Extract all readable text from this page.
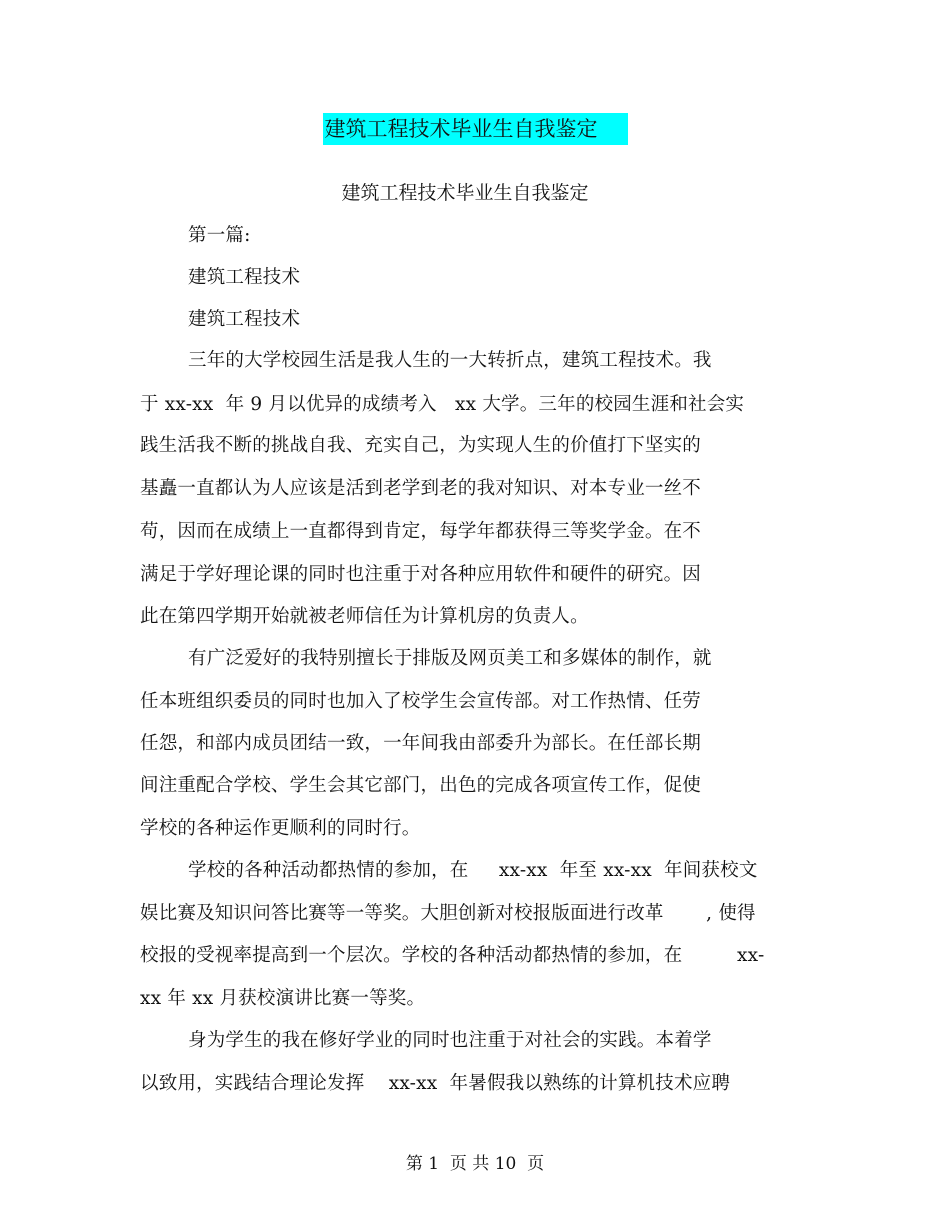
建筑工程技术毕业生自我鉴定
建筑工程技术毕业生自我鉴定
第一篇:
建筑工程技术
建筑工程技术
三年的大学校园生活是我人生的一大转折点，建筑工程技术。我
于 xx-xx  年 9 月以优异的成绩考入   xx 大学。三年的校园生涯和社会实
践生活我不断的挑战自我、充实自己，为实现人生的价值打下坚实的
基矗一直都认为人应该是活到老学到老的我对知识、对本专业一丝不
苟，因而在成绩上一直都得到肯定，每学年都获得三等奖学金。在不
满足于学好理论课的同时也注重于对各种应用软件和硬件的研究。因
此在第四学期开始就被老师信任为计算机房的负责人。
有广泛爱好的我特别擅长于排版及网页美工和多媒体的制作，就
任本班组织委员的同时也加入了校学生会宣传部。对工作热情、任劳
任怨，和部内成员团结一致，一年间我由部委升为部长。在任部长期
间注重配合学校、学生会其它部门，出色的完成各项宣传工作，促使
学校的各种运作更顺利的同时行。
学校的各种活动都热情的参加，在     xx-xx  年至 xx-xx  年间获校文
娱比赛及知识问答比赛等一等奖。大胆创新对校报版面进行改革       , 使得
校报的受视率提高到一个层次。学校的各种活动都热情的参加，在         xx-
xx 年 xx 月获校演讲比赛一等奖。
身为学生的我在修好学业的同时也注重于对社会的实践。本着学
以致用，实践结合理论发挥    xx-xx  年暑假我以熟练的计算机技术应聘
第 1  页 共 10  页
